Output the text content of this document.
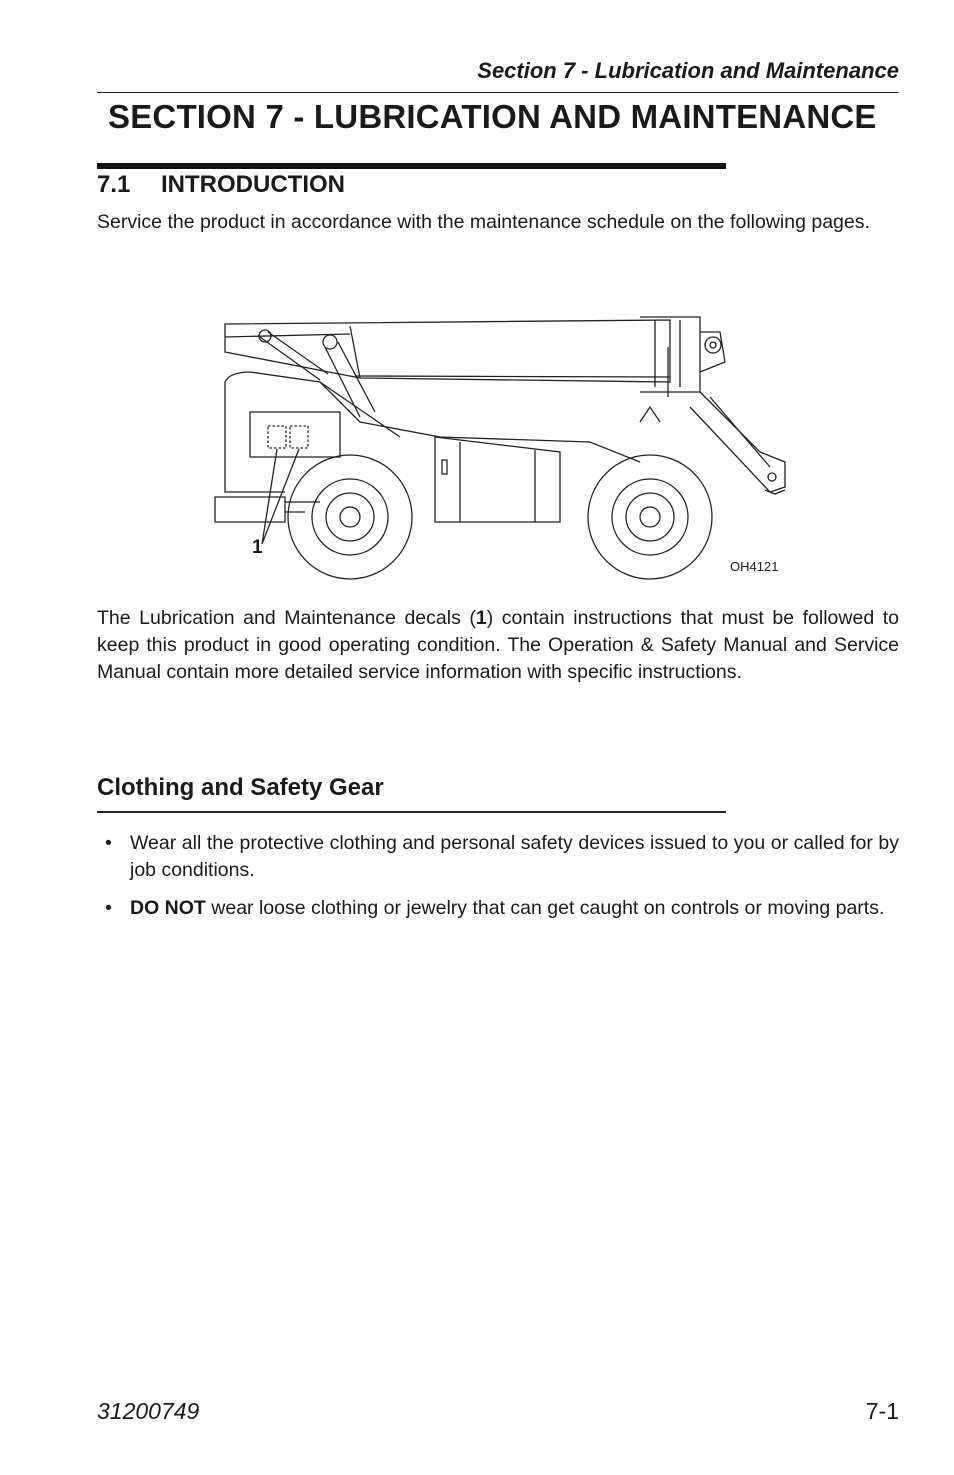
Section 7 - Lubrication and Maintenance
SECTION 7 - LUBRICATION AND MAINTENANCE
7.1 INTRODUCTION
Service the product in accordance with the maintenance schedule on the following pages.
1
OH4121
The Lubrication and Maintenance decals (1) contain instructions that must be followed to keep this product in good operating condition. The Operation & Safety Manual and Service Manual contain more detailed service information with specific instructions.
Clothing and Safety Gear
• Wear all the protective clothing and personal safety devices issued to you or called for by job conditions.
• DO NOT wear loose clothing or jewelry that can get caught on controls or moving parts.
31200749	7-1
